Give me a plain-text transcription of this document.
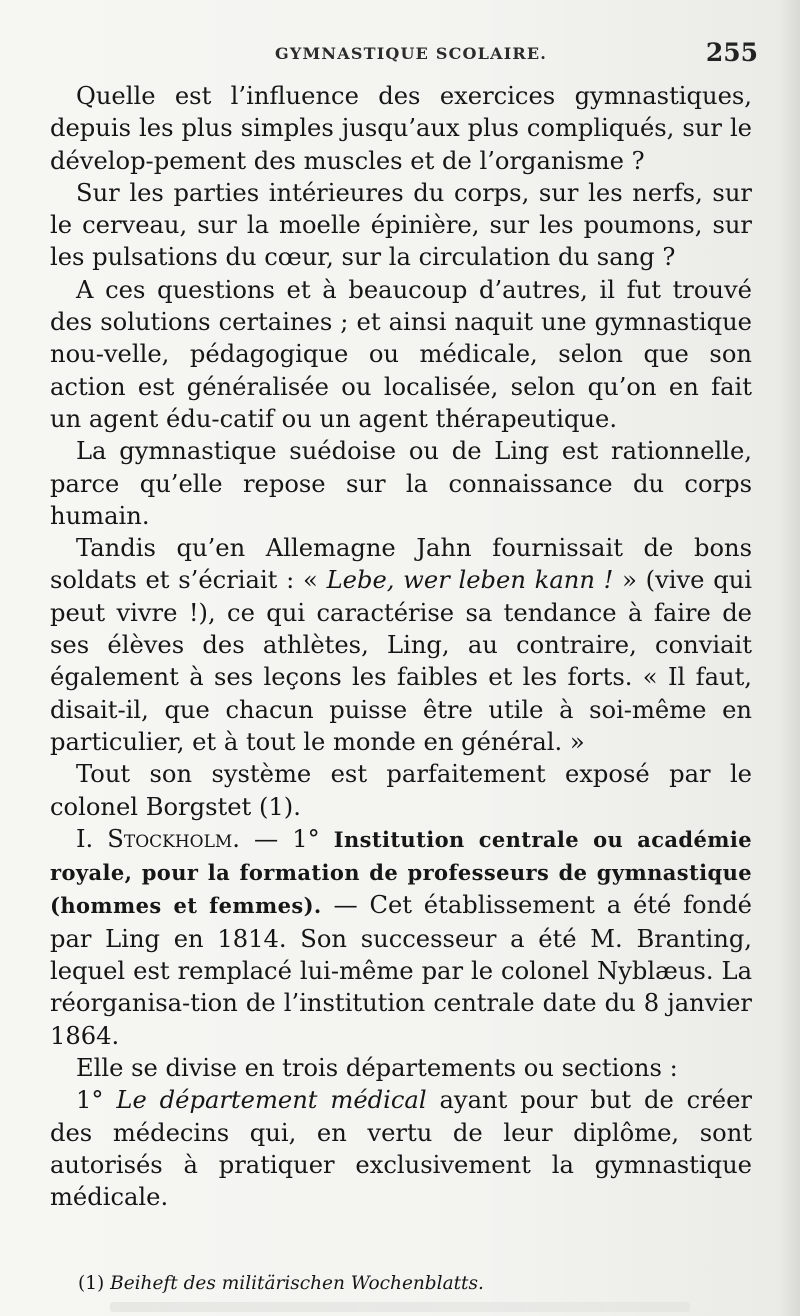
GYMNASTIQUE SCOLAIRE.	255

Quelle est l’influence des exercices gymnastiques, depuis les plus simples jusqu’aux plus compliqués, sur le dévelop-pement des muscles et de l’organisme ?

Sur les parties intérieures du corps, sur les nerfs, sur le cerveau, sur la moelle épinière, sur les poumons, sur les pulsations du cœur, sur la circulation du sang ?

A ces questions et à beaucoup d’autres, il fut trouvé des solutions certaines ; et ainsi naquit une gymnastique nou-velle, pédagogique ou médicale, selon que son action est généralisée ou localisée, selon qu’on en fait un agent édu-catif ou un agent thérapeutique.

La gymnastique suédoise ou de Ling est rationnelle, parce qu’elle repose sur la connaissance du corps humain.

Tandis qu’en Allemagne Jahn fournissait de bons soldats et s’écriait : « Lebe, wer leben kann ! » (vive qui peut vivre !), ce qui caractérise sa tendance à faire de ses élèves des athlètes, Ling, au contraire, conviait également à ses leçons les faibles et les forts. « Il faut, disait-il, que chacun puisse être utile à soi-même en particulier, et à tout le monde en général. »

Tout son système est parfaitement exposé par le colonel Borgstet (1).

I. Stockholm. — 1° Institution centrale ou académie royale, pour la formation de professeurs de gymnastique (hommes et femmes). — Cet établissement a été fondé par Ling en 1814. Son successeur a été M. Branting, lequel est remplacé lui-même par le colonel Nyblæus. La réorganisa-tion de l’institution centrale date du 8 janvier 1864.

Elle se divise en trois départements ou sections :

1° Le département médical ayant pour but de créer des médecins qui, en vertu de leur diplôme, sont autorisés à pratiquer exclusivement la gymnastique médicale.

(1) Beiheft des militärischen Wochenblatts.
